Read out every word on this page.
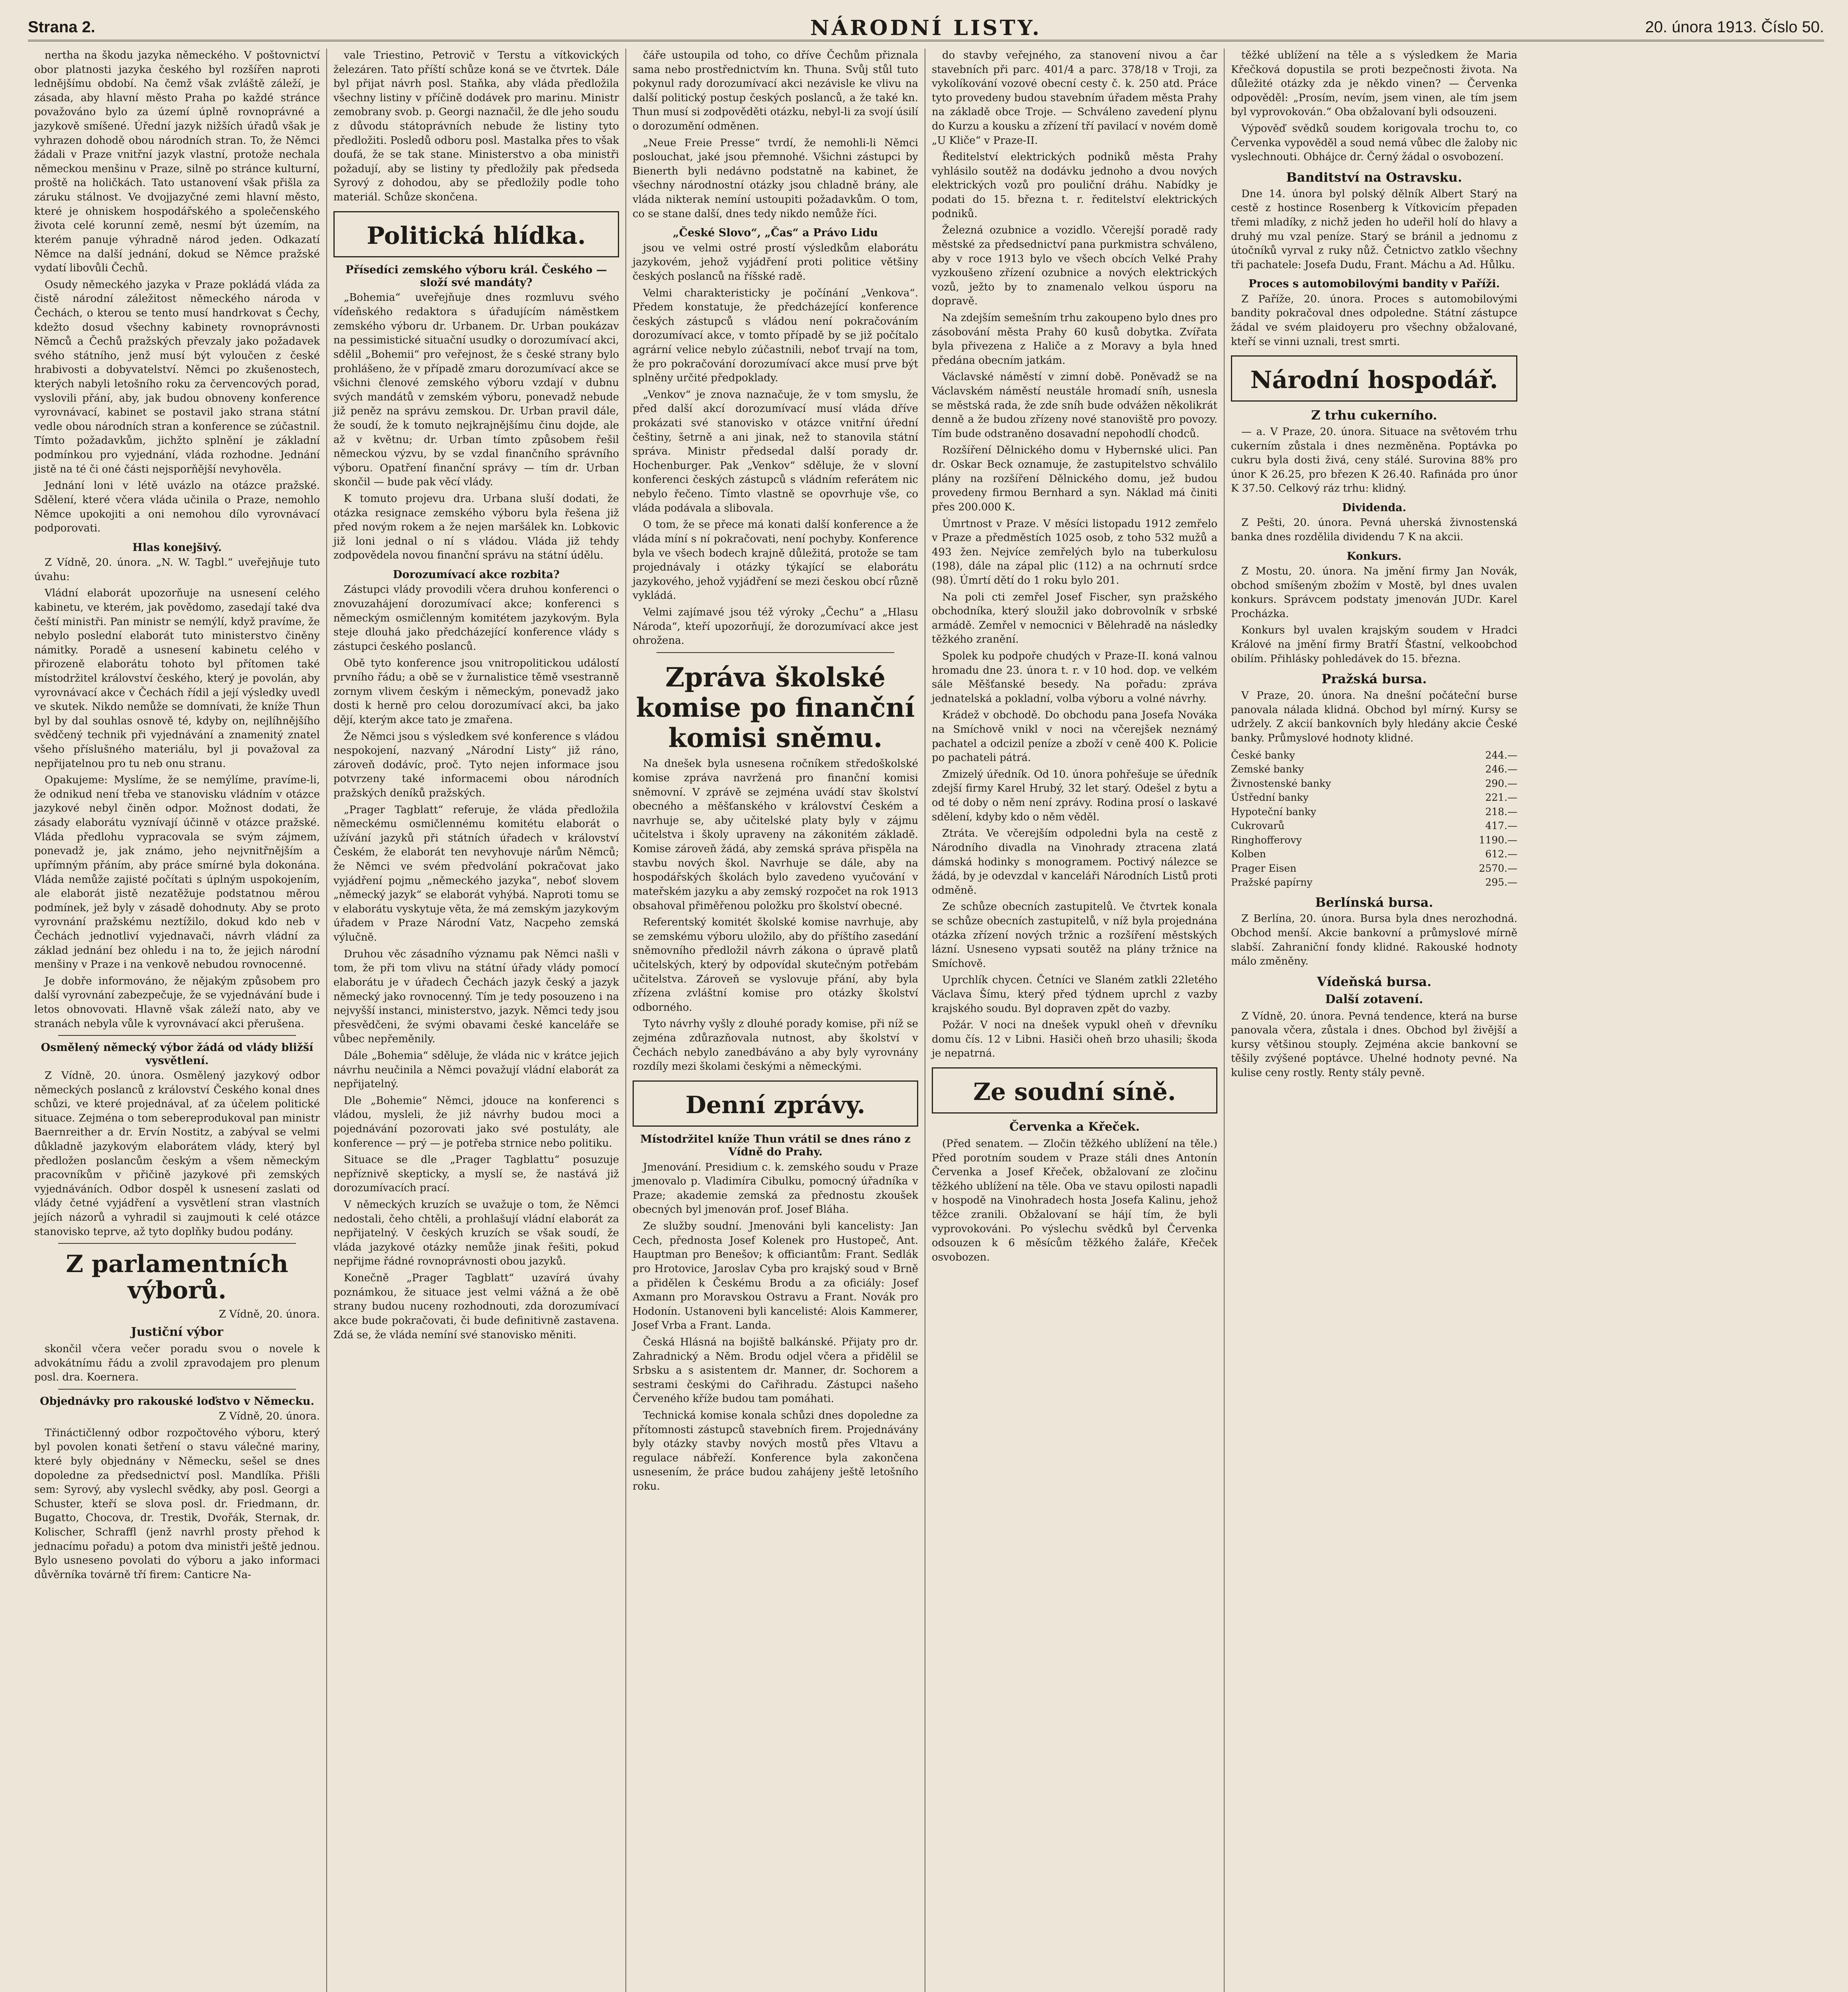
Strana 2.	NÁRODNÍ LISTY.	20. února 1913. Číslo 50.

nertha na škodu jazyka německého. V poštovnictví obor platnosti jazyka českého byl rozšířen naproti lednějšímu období. Na čemž však zvláště záleží, je zásada, aby hlavní město Praha po každé stránce považováno bylo za území úplně rovnoprávné a jazykově smíšené. Úřední jazyk nižších úřadů však je vyhrazen dohodě obou národních stran. To, že Němci žádali v Praze vnitřní jazyk vlastní, protože nechala německou menšinu v Praze, silně po stránce kulturní, proště na holičkách. Tato ustanovení však přišla za záruku stálnost. Ve dvojjazyčné zemi hlavní město, které je ohniskem hospodářského a společenského života celé korunní země, nesmí být územím, na kterém panuje výhradně národ jeden. Odkazatí Němce na další jednání, dokud se Němce pražské vydatí libovůli Čechů.

Osudy německého jazyka v Praze pokládá vláda za čistě národní záležitost německého národa v Čechách, o kterou se tento musí handrkovat s Čechy, kdežto dosud všechny kabinety rovnoprávnosti Němců a Čechů pražských převzaly jako požadavek svého státního, jenž musí být vyloučen z české hrabivosti a dobyvatelství. Němci po zkušenostech, kterých nabyli letošního roku za červencových porad, vyslovili přání, aby, jak budou obnoveny konference vyrovnávací, kabinet se postavil jako strana státní vedle obou národních stran a konference se zúčastnil. Tímto požadavkům, jichžto splnění je základní podmínkou pro vyjednání, vláda rozhodne. Jednání jistě na té či oné části nejsporňější nevyhověla.

Jednání loni v létě uvázlo na otázce pražské. Sdělení, které včera vláda učinila o Praze, nemohlo Němce upokojiti a oni nemohou dílo vyrovnávací podporovati.

Hlas konejšivý.

Z Vídně, 20. února. „N. W. Tagbl.“ uveřejňuje tuto úvahu:

Vládní elaborát upozorňuje na usnesení celého kabinetu, ve kterém, jak povědomo, zasedají také dva čeští ministři. Pan ministr se nemýlí, když pravíme, že nebylo poslední elaborát tuto ministerstvo činěny námitky. Poradě a usnesení kabinetu celého v přirozeně elaborátu tohoto byl přítomen také místodržitel království českého, který je povolán, aby vyrovnávací akce v Čechách řídil a její výsledky uvedl ve skutek. Nikdo nemůže se domnívati, že kníže Thun byl by dal souhlas osnově té, kdyby on, nejlíhnějšího svědčený technik při vyjednávání a znamenitý znatel všeho příslušného materiálu, byl ji považoval za nepřijatelnou pro tu neb onu stranu.

Opakujeme: Myslíme, že se nemýlíme, pravíme-li, že odnikud není třeba ve stanovisku vládním v otázce jazykové nebyl činěn odpor. Možnost dodati, že zásady elaborátu vyznívají účinně v otázce pražské. Vláda předlohu vypracovala se svým zájmem, ponevadž je, jak známo, jeho nejvnitřnějším a upřímným přáním, aby práce smírné byla dokonána. Vláda nemůže zajisté počítati s úplným uspokojením, ale elaborát jistě nezatěžuje podstatnou měrou podmínek, jež byly v zásadě dohodnuty. Aby se proto vyrovnání pražskému neztížilo, dokud kdo neb v Čechách jednotliví vyjednavači, návrh vládní za základ jednání bez ohledu i na to, že jejich národní menšiny v Praze i na venkově nebudou rovnocenné.

Je dobře informováno, že nějakým způsobem pro další vyrovnání zabezpečuje, že se vyjednávání bude i letos obnovovati. Hlavně však záleží nato, aby ve stranách nebyla vůle k vyrovnávací akci přerušena.

Osmělený německý výbor žádá od vlády bližší vysvětlení.

Z Vídně, 20. února. Osmělený jazykový odbor německých poslanců z království Českého konal dnes schůzi, ve které projednával, ať za účelem politické situace. Zejména o tom sebereprodukoval pan ministr Baernreither a dr. Ervín Nostitz, a zabýval se velmi důkladně jazykovým elaborátem vlády, který byl předložen poslancům českým a všem německým pracovníkům v přičině jazykové při zemských vyjednáváních. Odbor dospěl k usnesení zaslati od vlády četné vyjádření a vysvětlení stran vlastních jejích názorů a vyhradil si zaujmouti k celé otázce stanovisko teprve, až tyto doplňky budou podány.

Z parlamentních výborů.

Z Vídně, 20. února.

Justiční výbor

skončil včera večer poradu svou o novele k advokátnímu řádu a zvolil zpravodajem pro plenum posl. dra. Koernera.

Objednávky pro rakouské loďstvo v Německu.

Z Vídně, 20. února.

Třináctičlenný odbor rozpočtového výboru, který byl povolen konati šetření o stavu válečné mariny, které byly objednány v Německu, sešel se dnes dopoledne za předsednictví posl. Mandlíka. Přišli sem: Syrový, aby vyslechl svědky, aby posl. Georgi a Schuster, kteří se slova posl. dr. Friedmann, dr. Bugatto, Chocova, dr. Trestik, Dvořák, Sternak, dr. Kolischer, Schraffl (jenž navrhl prosty přehod k jednacímu pořadu) a potom dva ministři ještě jednou. Bylo usneseno povolati do výboru a jako informaci důvěrníka továrně tří firem: Canticre Na-

vale Triestino, Petrovič v Terstu a vítkovických železáren. Tato příští schůze koná se ve čtvrtek. Dále byl přijat návrh posl. Staňka, aby vláda předložila všechny listiny v příčině dodávek pro marinu. Ministr zemobrany svob. p. Georgi naznačil, že dle jeho soudu z důvodu státoprávních nebude že listiny tyto předložiti. Posledů odboru posl. Mastalka přes to však doufá, že se tak stane. Ministerstvo a oba ministři požadují, aby se listiny ty předložily pak předseda Syrový z dohodou, aby se předložily podle toho materiál. Schůze skončena.

Politická hlídka.
Přísedíci zemského výboru král. Českého — složí své mandáty?

„Bohemia“ uveřejňuje dnes rozmluvu svého vídeňského redaktora s úřadujícím náměstkem zemského výboru dr. Urbanem. Dr. Urban poukázav na pessimistické situační usudky o dorozumívací akci, sdělil „Bohemii“ pro veřejnost, že s české strany bylo prohlášeno, že v případě zmaru dorozumívací akce se všichni členové zemského výboru vzdají v dubnu svých mandátů v zemském výboru, ponevadž nebude již peněz na správu zemskou. Dr. Urban pravil dále, že soudí, že k tomuto nejkrajnějšímu činu dojde, ale až v květnu; dr. Urban tímto způsobem řešil německou výzvu, by se vzdal finančního správního výboru. Opatření finanční správy — tím dr. Urban skončil — bude pak věcí vlády.

K tomuto projevu dra. Urbana sluší dodati, že otázka resignace zemského výboru byla řešena již před novým rokem a že nejen maršálek kn. Lobkovic již loni jednal o ní s vládou. Vláda již tehdy zodpovědela novou finanční správu na státní údělu.

Dorozumívací akce rozbita?

Zástupci vlády provodili včera druhou konferenci o znovuzahájení dorozumívací akce; konferenci s německým osmičlenným komitétem jazykovým. Byla steje dlouhá jako předcházející konference vlády s zástupci českého poslanců.

Obě tyto konference jsou vnitropolitickou událostí prvního řádu; a obě se v žurnalistice těmě vsestranně zornym vlivem českým i německým, ponevadž jako dosti k herně pro celou dorozumívací akci, ba jako dějí, kterým akce tato je zmařena.

Že Němci jsou s výsledkem své konference s vládou nespokojení, nazvaný „Národní Listy“ již ráno, zároveň dodávíc, proč. Tyto nejen informace jsou potvrzeny také informacemi obou národních pražských deníků pražských.

„Prager Tagblatt“ referuje, že vláda předložila německému osmičlennému komitétu elaborát o užívání jazyků při státních úřadech v království Českém, že elaborát ten nevyhovuje nárům Němců; že Němci ve svém předvolání pokračovat jako vyjádření pojmu „německého jazyka“, neboť slovem „německý jazyk“ se elaborát vyhýbá. Naproti tomu se v elaborátu vyskytuje věta, že má zemským jazykovým úřadem v Praze Národní Vatz, Nacpeho zemská výlučně.

Druhou věc zásadního významu pak Němci našli v tom, že při tom vlivu na státní úřady vlády pomocí elaborátu je v úřadech Čechách jazyk český a jazyk německý jako rovnocenný. Tím je tedy posouzeno i na nejvyšší instanci, ministerstvo, jazyk. Němci tedy jsou přesvědčeni, že svými obavami české kanceláře se vůbec nepřeměnily.

Dále „Bohemia“ sděluje, že vláda nic v krátce jejich návrhu neučinila a Němci považují vládní elaborát za nepřijatelný.

Dle „Bohemie“ Němci, jdouce na konferenci s vládou, mysleli, že již návrhy budou moci a pojednávání pozorovati jako své postuláty, ale konference — prý — je potřeba strnice nebo politiku.

Situace se dle „Prager Tagblattu“ posuzuje nepříznivě skepticky, a myslí se, že nastává již dorozumívacích prací.

V německých kruzích se uvažuje o tom, že Němci nedostali, čeho chtěli, a prohlašují vládní elaborát za nepřijatelný. V českých kruzích se však soudí, že vláda jazykové otázky nemůže jinak řešiti, pokud nepřijme řádné rovnoprávnosti obou jazyků.

Konečně „Prager Tagblatt“ uzavírá úvahy poznámkou, že situace jest velmi vážná a že obě strany budou nuceny rozhodnouti, zda dorozumívací akce bude pokračovati, či bude definitivně zastavena. Zdá se, že vláda nemíní své stanovisko měniti.

čáře ustoupila od toho, co dříve Čechům přiznala sama nebo prostřednictvím kn. Thuna. Svůj stůl tuto pokynul rady dorozumívací akci nezávisle ke vlivu na další politický postup českých poslanců, a že také kn. Thun musí si zodpověděti otázku, nebyl-li za svojí úsilí o dorozumění odměnen.

„Neue Freie Presse“ tvrdí, že nemohli-li Němci poslouchat, jaké jsou přemnohé. Všichni zástupci by Bienerth byli nedávno podstatně na kabinet, že všechny národnostní otázky jsou chladně brány, ale vláda nikterak nemíní ustoupiti požadavkům. O tom, co se stane další, dnes tedy nikdo nemůže říci.

„České Slovo“, „Čas“ a Právo Lidu

jsou ve velmi ostré prostí výsledkům elaborátu jazykovém, jehož vyjádření proti politice většiny českých poslanců na říšské radě.

Velmi charakteristicky je počínání „Venkova“. Předem konstatuje, že předcházející konference českých zástupců s vládou není pokračováním dorozumívací akce, v tomto případě by se již počítalo agrární velice nebylo zúčastnili, neboť trvají na tom, že pro pokračování dorozumívací akce musí prve být splněny určité předpoklady.

„Venkov“ je znova naznačuje, že v tom smyslu, že před další akcí dorozumívací musí vláda dříve prokázati své stanovisko v otázce vnitřní úřední češtiny, šetrně a ani jinak, než to stanovila státní správa. Ministr předsedal další porady dr. Hochenburger. Pak „Venkov“ sděluje, že v slovní konferenci českých zástupců s vládním referátem nic nebylo řečeno. Tímto vlastně se opovrhuje vše, co vláda podávala a slibovala.

O tom, že se přece má konati další konference a že vláda míní s ní pokračovati, není pochyby. Konference byla ve všech bodech krajně důležitá, protože se tam projednávaly i otázky týkající se elaborátu jazykového, jehož vyjádření se mezi českou obcí různě vykládá.

Velmi zajímavé jsou též výroky „Čechu“ a „Hlasu Národa“, kteří upozorňují, že dorozumívací akce jest ohrožena.

Zpráva školské komise po finanční komisi sněmu.

Na dnešek byla usnesena ročníkem středoškolské komise zpráva navržená pro finanční komisi sněmovní. V zprávě se zejména uvádí stav školství obecného a měšťanského v království Českém a navrhuje se, aby učitelské platy byly v zájmu učitelstva i školy upraveny na zákonitém základě. Komise zároveň žádá, aby zemská správa přispěla na stavbu nových škol. Navrhuje se dále, aby na hospodářských školách bylo zavedeno vyučování v mateřském jazyku a aby zemský rozpočet na rok 1913 obsahoval přiměřenou položku pro školství obecné.

Referentský komitét školské komise navrhuje, aby se zemskému výboru uložilo, aby do příštího zasedání sněmovního předložil návrh zákona o úpravě platů učitelských, který by odpovídal skutečným potřebám učitelstva. Zároveň se vyslovuje přání, aby byla zřízena zvláštní komise pro otázky školství odborného.

Tyto návrhy vyšly z dlouhé porady komise, při níž se zejména zdůrazňovala nutnost, aby školství v Čechách nebylo zanedbáváno a aby byly vyrovnány rozdíly mezi školami českými a německými.

Denní zprávy.
Místodržitel kníže Thun vrátil se dnes ráno z Vídně do Prahy.

Jmenování. Presidium c. k. zemského soudu v Praze jmenovalo p. Vladimíra Cibulku, pomocný úřadníka v Praze; akademie zemská za přednostu zkoušek obecných byl jmenován prof. Josef Bláha.

Ze služby soudní. Jmenováni byli kancelisty: Jan Cech, přednosta Josef Kolenek pro Hustopeč, Ant. Hauptman pro Benešov; k officiantům: Frant. Sedlák pro Hrotovice, Jaroslav Cyba pro krajský soud v Brně a přidělen k Českému Brodu a za oficiály: Josef Axmann pro Moravskou Ostravu a Frant. Novák pro Hodonín. Ustanoveni byli kancelisté: Alois Kammerer, Josef Vrba a Frant. Landa.

Česká Hlásná na bojiště balkánské. Přijaty pro dr. Zahradnický a Něm. Brodu odjel včera a přidělil se Srbsku a s asistentem dr. Manner, dr. Sochorem a sestrami českými do Cařihradu. Zástupci našeho Červeného kříže budou tam pomáhati.

Technická komise konala schůzi dnes dopoledne za přítomnosti zástupců stavebních firem. Projednávány byly otázky stavby nových mostů přes Vltavu a regulace nábřeží. Konference byla zakončena usnesením, že práce budou zahájeny ještě letošního roku.

do stavby veřejného, za stanovení nivou a čar stavebních při parc. 401/4 a parc. 378/18 v Troji, za vykolíkování vozové obecní cesty č. k. 250 atd. Práce tyto provedeny budou stavebním úřadem města Prahy na základě obce Troje. — Schváleno zavedení plynu do Kurzu a kousku a zřízení tří pavilací v novém domě „U Kliče“ v Praze-II.

Ředitelství elektrických podniků města Prahy vyhlásilo soutěž na dodávku jednoho a dvou nových elektrických vozů pro pouliční dráhu. Nabídky je podati do 15. března t. r. ředitelství elektrických podniků.

Železná ozubnice a vozidlo. Včerejší poradě rady městské za předsednictví pana purkmistra schváleno, aby v roce 1913 bylo ve všech obcích Velké Prahy vyzkoušeno zřízení ozubnice a nových elektrických vozů, ježto by to znamenalo velkou úsporu na dopravě.

Na zdejším semešním trhu zakoupeno bylo dnes pro zásobování města Prahy 60 kusů dobytka. Zvířata byla přivezena z Haliče a z Moravy a byla hned předána obecním jatkám.

Václavské náměstí v zimní době. Poněvadž se na Václavském náměstí neustále hromadí sníh, usnesla se městská rada, že zde sníh bude odvážen několikrát denně a že budou zřízeny nové stanoviště pro povozy. Tím bude odstraněno dosavadní nepohodlí chodců.

Rozšíření Dělnického domu v Hybernské ulici. Pan dr. Oskar Beck oznamuje, že zastupitelstvo schválilo plány na rozšíření Dělnického domu, jež budou provedeny firmou Bernhard a syn. Náklad má činiti přes 200.000 K.

Úmrtnost v Praze. V měsíci listopadu 1912 zemřelo v Praze a předměstích 1025 osob, z toho 532 mužů a 493 žen. Nejvíce zemřelých bylo na tuberkulosu (198), dále na zápal plic (112) a na ochrnutí srdce (98). Úmrtí dětí do 1 roku bylo 201.

Na poli cti zemřel Josef Fischer, syn pražského obchodníka, který sloužil jako dobrovolník v srbské armádě. Zemřel v nemocnici v Bělehradě na následky těžkého zranění.

Spolek ku podpoře chudých v Praze-II. koná valnou hromadu dne 23. února t. r. v 10 hod. dop. ve velkém sále Měšťanské besedy. Na pořadu: zpráva jednatelská a pokladní, volba výboru a volné návrhy.

Krádež v obchodě. Do obchodu pana Josefa Nováka na Smíchově vnikl v noci na včerejšek neznámý pachatel a odcizil peníze a zboží v ceně 400 K. Policie po pachateli pátrá.

Zmizelý úředník. Od 10. února pohřešuje se úředník zdejší firmy Karel Hrubý, 32 let starý. Odešel z bytu a od té doby o něm není zprávy. Rodina prosí o laskavé sdělení, kdyby kdo o něm věděl.

Ztráta. Ve včerejším odpoledni byla na cestě z Národního divadla na Vinohrady ztracena zlatá dámská hodinky s monogramem. Poctivý nálezce se žádá, by je odevzdal v kanceláři Národních Listů proti odměně.

Ze schůze obecních zastupitelů. Ve čtvrtek konala se schůze obecních zastupitelů, v níž byla projednána otázka zřízení nových tržnic a rozšíření městských lázní. Usneseno vypsati soutěž na plány tržnice na Smíchově.

Uprchlík chycen. Četníci ve Slaném zatkli 22letého Václava Šímu, který před týdnem uprchl z vazby krajského soudu. Byl dopraven zpět do vazby.

Požár. V noci na dnešek vypukl oheň v dřevníku domu čís. 12 v Libni. Hasiči oheň brzo uhasili; škoda je nepatrná.

Ze soudní síně.
Červenka a Křeček.

(Před senatem. — Zločin těžkého ublížení na těle.) Před porotním soudem v Praze stáli dnes Antonín Červenka a Josef Křeček, obžalovaní ze zločinu těžkého ublížení na těle. Oba ve stavu opilosti napadli v hospodě na Vinohradech hosta Josefa Kalinu, jehož těžce zranili. Obžalovaní se hájí tím, že byli vyprovokováni. Po výslechu svědků byl Červenka odsouzen k 6 měsícům těžkého žaláře, Křeček osvobozen.

těžké ublížení na těle a s výsledkem že Maria Křečková dopustila se proti bezpečnosti života. Na důležité otázky zda je někdo vinen? — Červenka odpověděl: „Prosím, nevím, jsem vinen, ale tím jsem byl vyprovokován.“ Oba obžalovaní byli odsouzeni.

Výpověď svědků soudem korigovala trochu to, co Červenka vypověděl a soud nemá vůbec dle žaloby nic vyslechnouti. Obhájce dr. Černý žádal o osvobození.

Banditství na Ostravsku.

Dne 14. února byl polský dělník Albert Starý na cestě z hostince Rosenberg k Vítkovicím přepaden třemi mladíky, z nichž jeden ho udeřil holí do hlavy a druhý mu vzal peníze. Starý se bránil a jednomu z útočníků vyrval z ruky nůž. Četnictvo zatklo všechny tři pachatele: Josefa Dudu, Frant. Máchu a Ad. Hůlku.

Proces s automobilovými bandity v Paříži.

Z Paříže, 20. února. Proces s automobilovými bandity pokračoval dnes odpoledne. Státní zástupce žádal ve svém plaidoyeru pro všechny obžalované, kteří se vinni uznali, trest smrti.

Národní hospodář.
Z trhu cukerního.

— a. V Praze, 20. února. Situace na světovém trhu cukerním zůstala i dnes nezměněna. Poptávka po cukru byla dosti živá, ceny stálé. Surovina 88% pro únor K 26.25, pro březen K 26.40. Rafináda pro únor K 37.50. Celkový ráz trhu: klidný.

Dividenda.

Z Pešti, 20. února. Pevná uherská živnostenská banka dnes rozdělila dividendu 7 K na akcii.

Konkurs.

Z Mostu, 20. února. Na jmění firmy Jan Novák, obchod smíšeným zbožím v Mostě, byl dnes uvalen konkurs. Správcem podstaty jmenován JUDr. Karel Procházka.

Konkurs byl uvalen krajským soudem v Hradci Králové na jmění firmy Bratří Šťastní, velkoobchod obilím. Přihlásky pohledávek do 15. března.

Pražská bursa.

V Praze, 20. února. Na dnešní počáteční burse panovala nálada klidná. Obchod byl mírný. Kursy se udržely. Z akcií bankovních byly hledány akcie České banky. Průmyslové hodnoty klidné.

České banky	244.—
Zemské banky	246.—
Živnostenské banky	290.—
Ústřední banky	221.—
Hypoteční banky	218.—
Cukrovarů	417.—
Ringhofferovy	1190.—
Kolben	612.—
Prager Eisen	2570.—
Pražské papírny	295.—
Berlínská bursa.

Z Berlína, 20. února. Bursa byla dnes nerozhodná. Obchod menší. Akcie bankovní a průmyslové mírně slabší. Zahraniční fondy klidné. Rakouské hodnoty málo změněny.

Vídeňská bursa.
Další zotavení.

Z Vídně, 20. února. Pevná tendence, která na burse panovala včera, zůstala i dnes. Obchod byl živější a kursy většinou stouply. Zejména akcie bankovní se těšily zvýšené poptávce. Uhelné hodnoty pevné. Na kulise ceny rostly. Renty stály pevně.
